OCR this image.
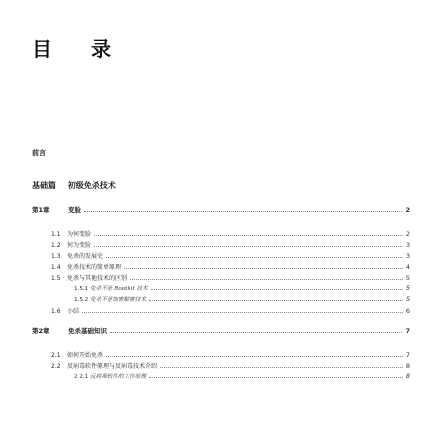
目 录
前言
基础篇 初级免杀技术
第1章	变脸	2
1.1	为何变脸	2
1.2	何为变脸	3
1.3	免杀的发展史	3
1.4	免杀技术的简单原理	4
1.5	免杀与其他技术的区别	5
1.5.1 免杀不是 Rootkit 技术	5
1.5.2 免杀不是加密解密技术	5
1.6	小结	6
第2章	免杀基础知识	7
2.1	如何开始免杀	7
2.2	反病毒软件原理与反病毒技术介绍	8
2.2.1 反病毒软件的工作原理	8
